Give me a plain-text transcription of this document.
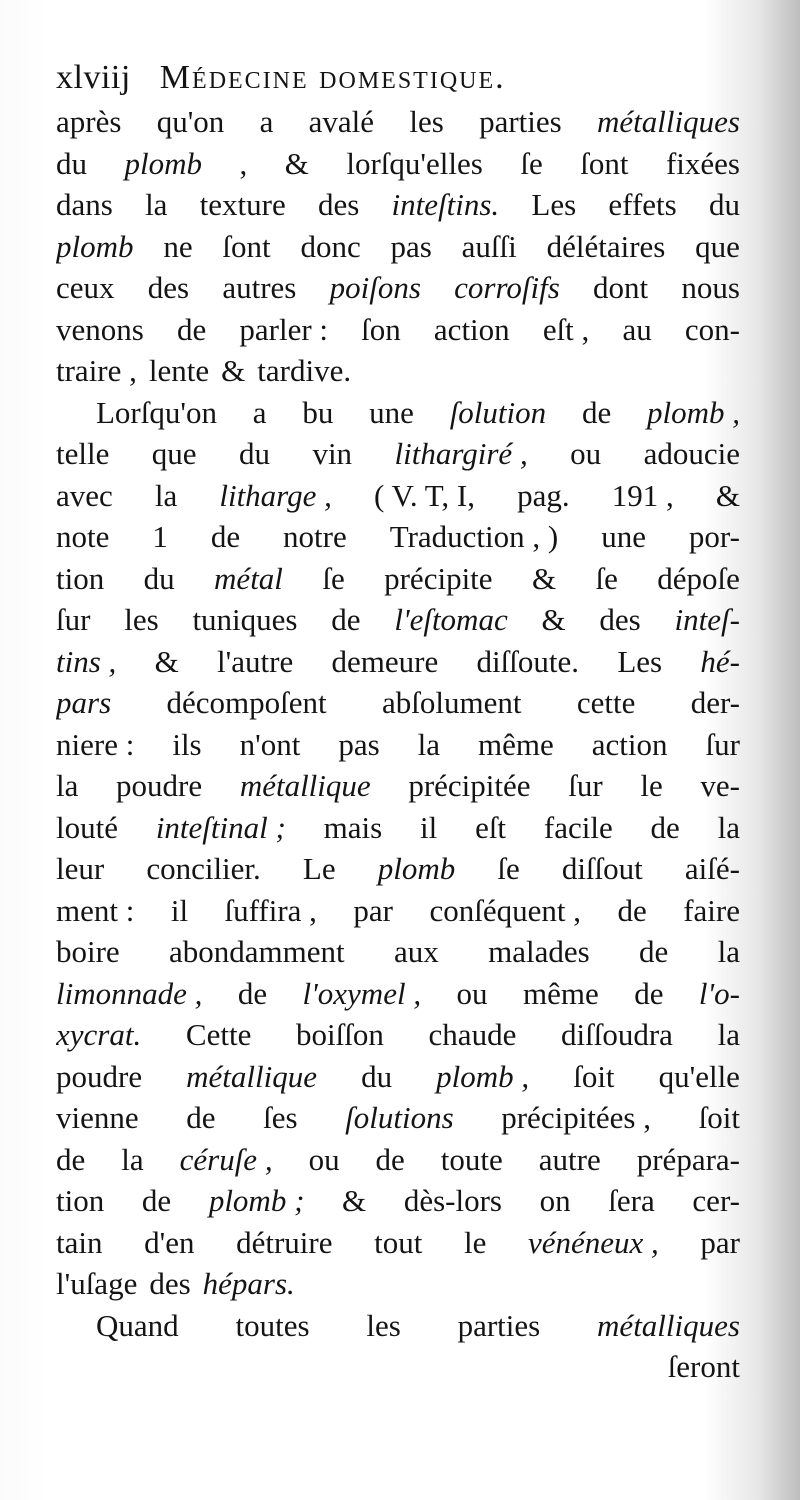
xlviij Médecine domestique.
après qu'on a avalé les parties métalliques
du plomb , & lorſqu'elles ſe ſont fixées
dans la texture des inteſtins. Les effets du
plomb ne ſont donc pas auſſi délétaires que
ceux des autres poiſons corroſifs dont nous
venons de parler : ſon action eſt , au con-
traire , lente & tardive.
Lorſqu'on a bu une ſolution de plomb ,
telle que du vin lithargiré , ou adoucie
avec la litharge , ( V. T, I, pag. 191 , &
note 1 de notre Traduction , ) une por-
tion du métal ſe précipite & ſe dépoſe
ſur les tuniques de l'eſtomac & des inteſ-
tins , & l'autre demeure diſſoute. Les hé-
pars décompoſent abſolument cette der-
niere : ils n'ont pas la même action ſur
la poudre métallique précipitée ſur le ve-
louté inteſtinal ; mais il eſt facile de la
leur concilier. Le plomb ſe diſſout aiſé-
ment : il ſuffira , par conſéquent , de faire
boire abondamment aux malades de la
limonnade , de l'oxymel , ou même de l'o-
xycrat. Cette boiſſon chaude diſſoudra la
poudre métallique du plomb , ſoit qu'elle
vienne de ſes ſolutions précipitées , ſoit
de la céruſe , ou de toute autre prépara-
tion de plomb ; & dès-lors on ſera cer-
tain d'en détruire tout le vénéneux , par
l'uſage des hépars.
Quand toutes les parties métalliques
ſeront
